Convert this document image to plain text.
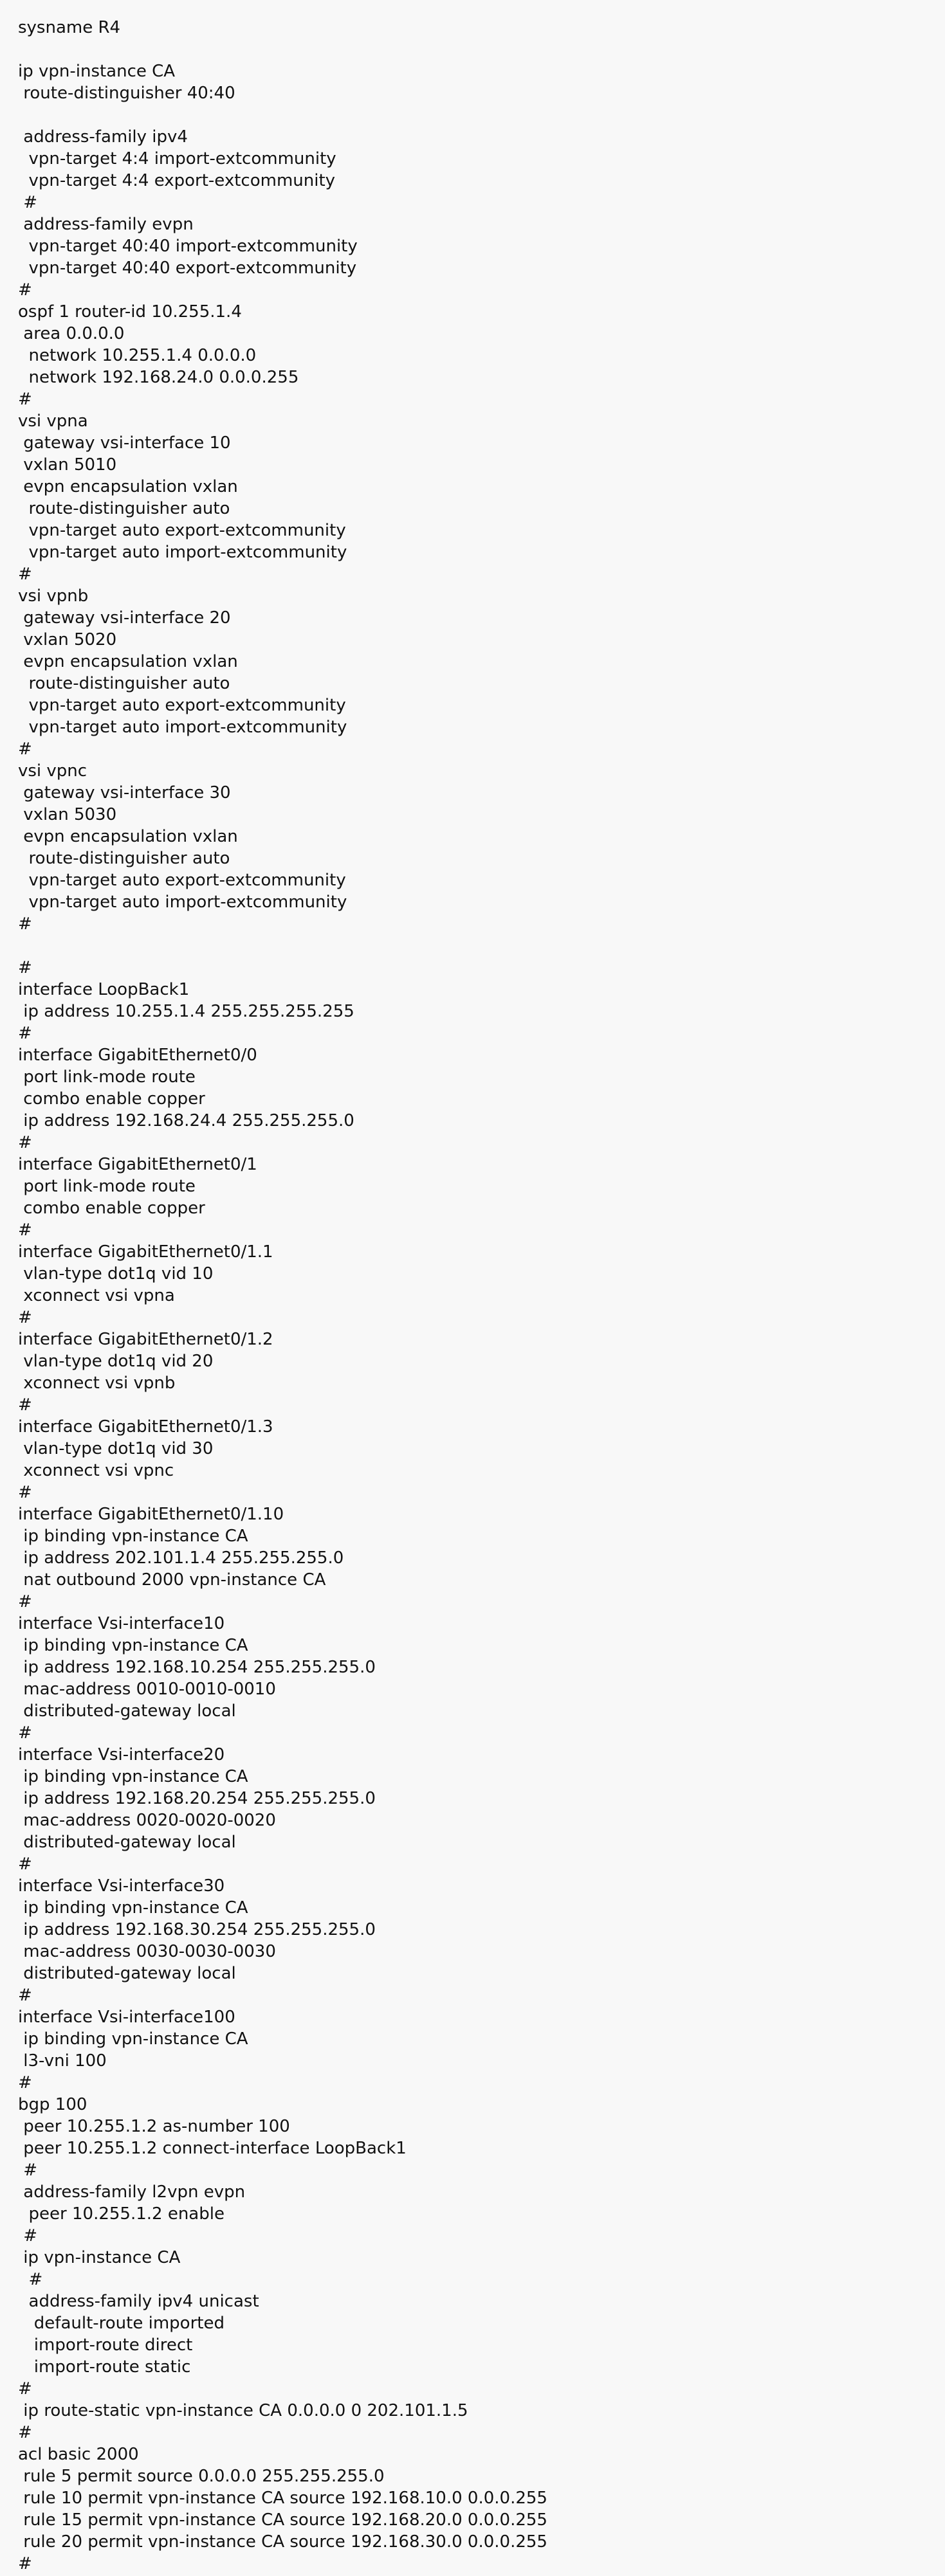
sysname R4
ip vpn-instance CA
route-distinguisher 40:40
address-family ipv4
vpn-target 4:4 import-extcommunity
vpn-target 4:4 export-extcommunity
#
address-family evpn
vpn-target 40:40 import-extcommunity
vpn-target 40:40 export-extcommunity
#
ospf 1 router-id 10.255.1.4
area 0.0.0.0
network 10.255.1.4 0.0.0.0
network 192.168.24.0 0.0.0.255
#
vsi vpna
gateway vsi-interface 10
vxlan 5010
evpn encapsulation vxlan
route-distinguisher auto
vpn-target auto export-extcommunity
vpn-target auto import-extcommunity
#
vsi vpnb
gateway vsi-interface 20
vxlan 5020
evpn encapsulation vxlan
route-distinguisher auto
vpn-target auto export-extcommunity
vpn-target auto import-extcommunity
#
vsi vpnc
gateway vsi-interface 30
vxlan 5030
evpn encapsulation vxlan
route-distinguisher auto
vpn-target auto export-extcommunity
vpn-target auto import-extcommunity
#
#
interface LoopBack1
ip address 10.255.1.4 255.255.255.255
#
interface GigabitEthernet0/0
port link-mode route
combo enable copper
ip address 192.168.24.4 255.255.255.0
#
interface GigabitEthernet0/1
port link-mode route
combo enable copper
#
interface GigabitEthernet0/1.1
vlan-type dot1q vid 10
xconnect vsi vpna
#
interface GigabitEthernet0/1.2
vlan-type dot1q vid 20
xconnect vsi vpnb
#
interface GigabitEthernet0/1.3
vlan-type dot1q vid 30
xconnect vsi vpnc
#
interface GigabitEthernet0/1.10
ip binding vpn-instance CA
ip address 202.101.1.4 255.255.255.0
nat outbound 2000 vpn-instance CA
#
interface Vsi-interface10
ip binding vpn-instance CA
ip address 192.168.10.254 255.255.255.0
mac-address 0010-0010-0010
distributed-gateway local
#
interface Vsi-interface20
ip binding vpn-instance CA
ip address 192.168.20.254 255.255.255.0
mac-address 0020-0020-0020
distributed-gateway local
#
interface Vsi-interface30
ip binding vpn-instance CA
ip address 192.168.30.254 255.255.255.0
mac-address 0030-0030-0030
distributed-gateway local
#
interface Vsi-interface100
ip binding vpn-instance CA
l3-vni 100
#
bgp 100
peer 10.255.1.2 as-number 100
peer 10.255.1.2 connect-interface LoopBack1
#
address-family l2vpn evpn
peer 10.255.1.2 enable
#
ip vpn-instance CA
#
address-family ipv4 unicast
default-route imported
import-route direct
import-route static
#
ip route-static vpn-instance CA 0.0.0.0 0 202.101.1.5
#
acl basic 2000
rule 5 permit source 0.0.0.0 255.255.255.0
rule 10 permit vpn-instance CA source 192.168.10.0 0.0.0.255
rule 15 permit vpn-instance CA source 192.168.20.0 0.0.0.255
rule 20 permit vpn-instance CA source 192.168.30.0 0.0.0.255
#
